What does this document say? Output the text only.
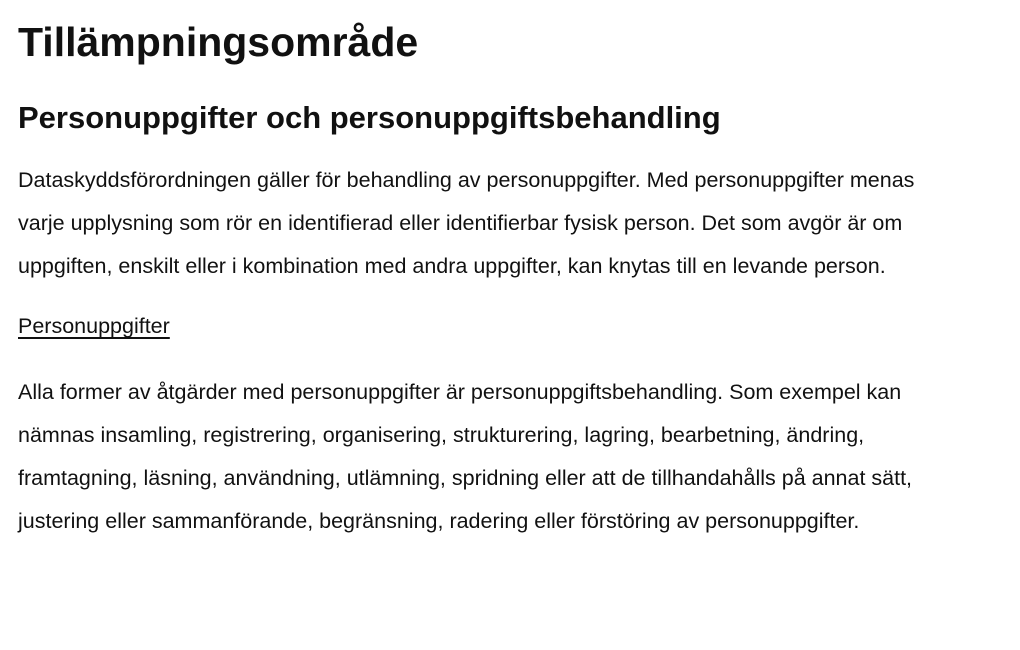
Tillämpningsområde
Personuppgifter och personuppgiftsbehandling

Dataskyddsförordningen gäller för behandling av personuppgifter. Med personuppgifter menas varje upplysning som rör en identifierad eller identifierbar fysisk person. Det som avgör är om uppgiften, enskilt eller i kombination med andra uppgifter, kan knytas till en levande person.

Personuppgifter

Alla former av åtgärder med personuppgifter är personuppgiftsbehandling. Som exempel kan nämnas insamling, registrering, organisering, strukturering, lagring, bearbetning, ändring, framtagning, läsning, användning, utlämning, spridning eller att de tillhandahålls på annat sätt, justering eller sammanförande, begränsning, radering eller förstöring av personuppgifter.
